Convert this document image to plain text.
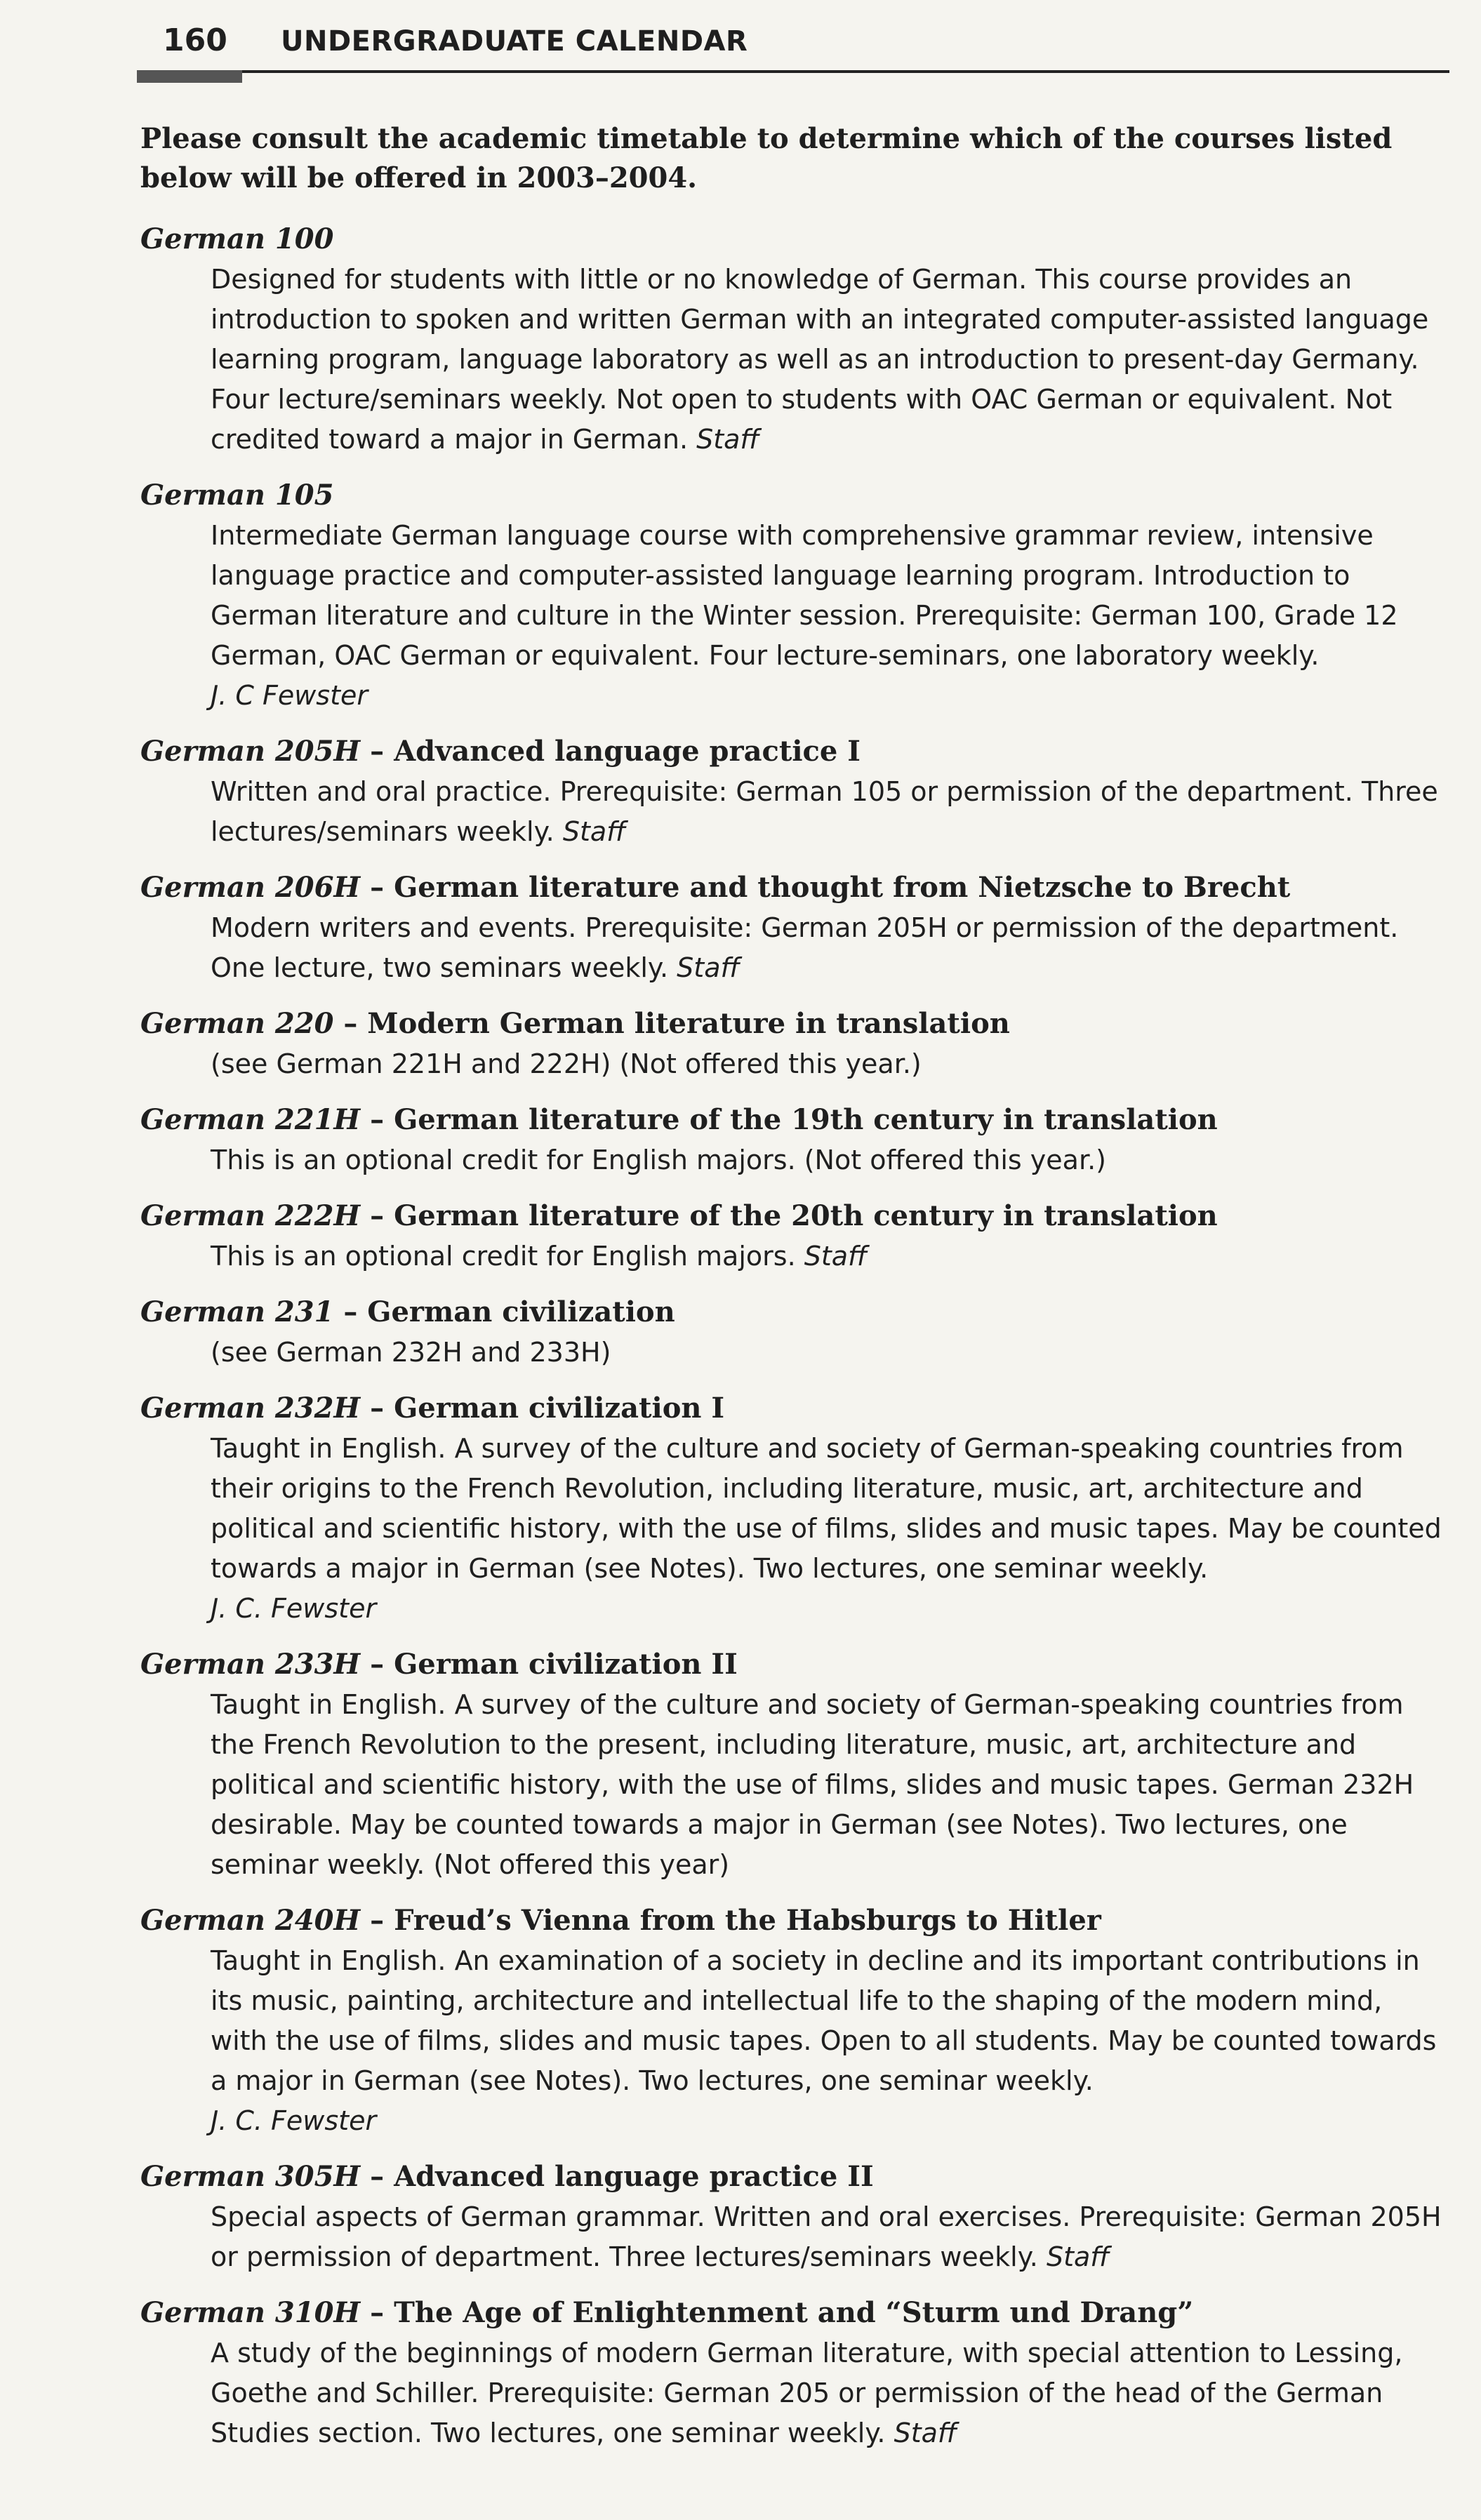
160 UNDERGRADUATE CALENDAR
Please consult the academic timetable to determine which of the courses listed below will be offered in 2003–2004.
German 100
Designed for students with little or no knowledge of German. This course provides an introduction to spoken and written German with an integrated computer-assisted language learning program, language laboratory as well as an introduction to present-day Germany. Four lecture/seminars weekly. Not open to students with OAC German or equivalent. Not credited toward a major in German. Staff
German 105
Intermediate German language course with comprehensive grammar review, intensive language practice and computer-assisted language learning program. Introduction to German literature and culture in the Winter session. Prerequisite: German 100, Grade 12 German, OAC German or equivalent. Four lecture-seminars, one laboratory weekly.
J. C Fewster
German 205H – Advanced language practice I
Written and oral practice. Prerequisite: German 105 or permission of the department. Three lectures/seminars weekly. Staff
German 206H – German literature and thought from Nietzsche to Brecht
Modern writers and events. Prerequisite: German 205H or permission of the department. One lecture, two seminars weekly. Staff
German 220 – Modern German literature in translation
(see German 221H and 222H) (Not offered this year.)
German 221H – German literature of the 19th century in translation
This is an optional credit for English majors. (Not offered this year.)
German 222H – German literature of the 20th century in translation
This is an optional credit for English majors. Staff
German 231 – German civilization
(see German 232H and 233H)
German 232H – German civilization I
Taught in English. A survey of the culture and society of German-speaking countries from their origins to the French Revolution, including literature, music, art, architecture and political and scientific history, with the use of films, slides and music tapes. May be counted towards a major in German (see Notes). Two lectures, one seminar weekly.
J. C. Fewster
German 233H – German civilization II
Taught in English. A survey of the culture and society of German-speaking countries from the French Revolution to the present, including literature, music, art, architecture and political and scientific history, with the use of films, slides and music tapes. German 232H desirable. May be counted towards a major in German (see Notes). Two lectures, one seminar weekly. (Not offered this year)
German 240H – Freud’s Vienna from the Habsburgs to Hitler
Taught in English. An examination of a society in decline and its important contributions in its music, painting, architecture and intellectual life to the shaping of the modern mind, with the use of films, slides and music tapes. Open to all students. May be counted towards a major in German (see Notes). Two lectures, one seminar weekly.
J. C. Fewster
German 305H – Advanced language practice II
Special aspects of German grammar. Written and oral exercises. Prerequisite: German 205H or permission of department. Three lectures/seminars weekly. Staff
German 310H – The Age of Enlightenment and “Sturm und Drang”
A study of the beginnings of modern German literature, with special attention to Lessing, Goethe and Schiller. Prerequisite: German 205 or permission of the head of the German Studies section. Two lectures, one seminar weekly. Staff
